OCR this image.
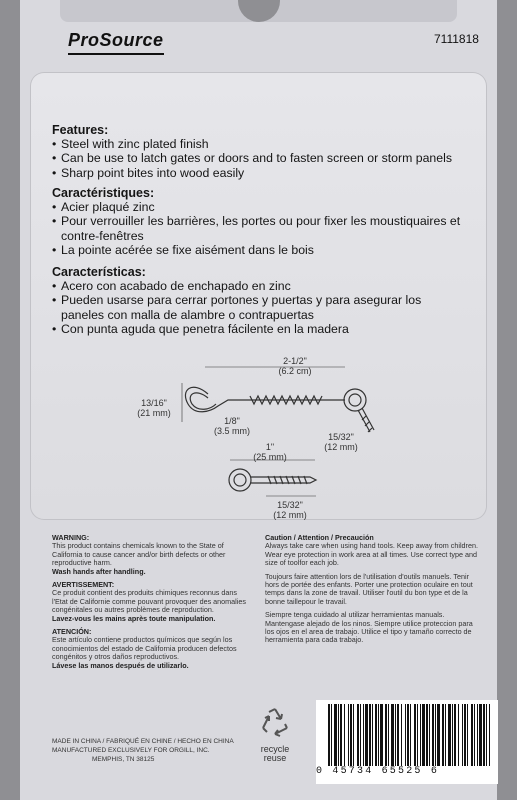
ProSource	7111818
Features:
• Steel with zinc plated finish
• Can be use to latch gates or doors and to fasten screen or storm panels
• Sharp point bites into wood easily
Caractéristiques:
• Acier plaqué zinc
• Pour verrouiller les barrières, les portes ou pour fixer les moustiquaires et contre-fenêtres
• La pointe acérée se fixe aisément dans le bois
Características:
• Acero con acabado de enchapado en zinc
• Pueden usarse para cerrar portones y puertas y para asegurar los paneles con malla de alambre o contrapuertas
• Con punta aguda que penetra fácilente en la madera
2-1/2"
(6.2 cm)
13/16"
(21 mm)
1/8"
(3.5 mm)
15/32"
(12 mm)
1"
(25 mm)
15/32"
(12 mm)
WARNING:
This product contains chemicals known to the State of California to cause cancer and/or birth defects or other reproductive harm.
Wash hands after handling.
AVERTISSEMENT:
Ce produit contient des produits chimiques reconnus dans l'Etat de Californie comme pouvant provoquer des anomalies congénitales ou autres problèmes de reproduction.
Lavez-vous les mains après toute manipulation.
ATENCIÓN:
Este artículo contiene productos químicos que según los conocimientos del estado de California producen defectos congénitos y otros daños reproductivos.
Lávese las manos después de utilizarlo.
Caution / Attention / Precaución
Always take care when using hand tools. Keep away from children. Wear eye protection in work area at all times. Use correct type and size of toolfor each job.
Toujours faire attention lors de l'utilisation d'outils manuels. Tenir hors de portée des enfants. Porter une protection oculaire en tout temps dans la zone de travail. Utiliser l'outil du bon type et de la bonne taillepour le travail.
Siempre tenga cuidado al utilizar herramientas manuals. Mantengase alejado de los ninos. Siempre utilice proteccion para los ojos en el area de trabajo. Utilice el tipo y tamaño correcto de herramienta para cada trabajo.
MADE IN CHINA / FABRIQUÉ EN CHINE / HECHO EN CHINA
MANUFACTURED EXCLUSIVELY FOR ORGILL, INC.
MEMPHIS, TN 38125
recycle
reuse
0 45734 65525 6
